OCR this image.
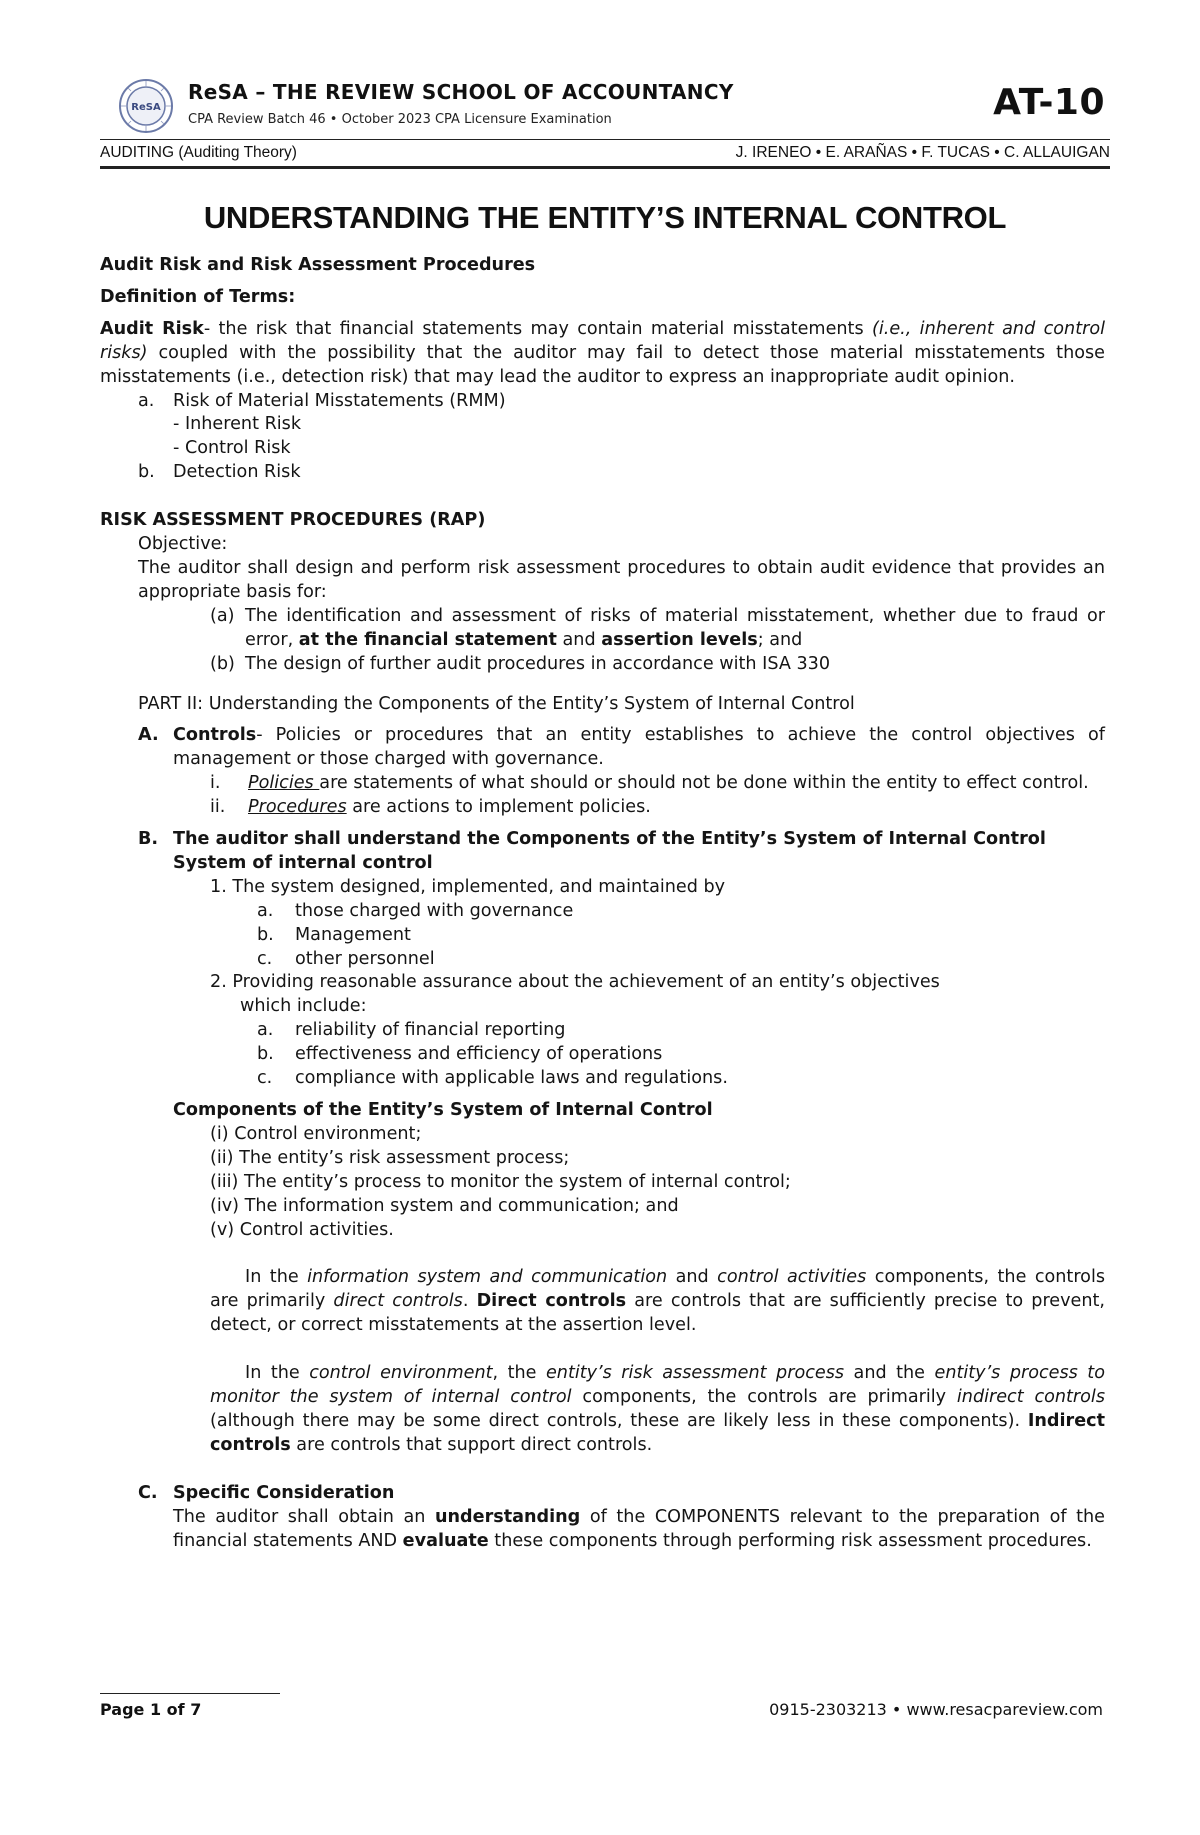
ReSA
ReSA – THE REVIEW SCHOOL OF ACCOUNTANCY
CPA Review Batch 46 • October 2023 CPA Licensure Examination	AT-10
AUDITING (Auditing Theory)	J. IRENEO • E. ARAÑAS • F. TUCAS • C. ALLAUIGAN
UNDERSTANDING THE ENTITY’S INTERNAL CONTROL

Audit Risk and Risk Assessment Procedures

Definition of Terms:

Audit Risk- the risk that financial statements may contain material misstatements (i.e., inherent and control risks) coupled with the possibility that the auditor may fail to detect those material misstatements those misstatements (i.e., detection risk) that may lead the auditor to express an inappropriate audit opinion.

a.	Risk of Material Misstatements (RMM)
- Inherent Risk
- Control Risk
b.	Detection Risk

RISK ASSESSMENT PROCEDURES (RAP)

Objective:

The auditor shall design and perform risk assessment procedures to obtain audit evidence that provides an appropriate basis for:

(a) The identification and assessment of risks of material misstatement, whether due to fraud or error, at the financial statement and assertion levels; and
(b) The design of further audit procedures in accordance with ISA 330

PART II: Understanding the Components of the Entity’s System of Internal Control

A. Controls- Policies or procedures that an entity establishes to achieve the control objectives of management or those charged with governance.
i.	Policies are statements of what should or should not be done within the entity to effect control.
ii.	Procedures are actions to implement policies.
B. The auditor shall understand the Components of the Entity’s System of Internal Control

System of internal control

1. The system designed, implemented, and maintained by

a.	those charged with governance
b.	Management
c.	other personnel

2. Providing reasonable assurance about the achievement of an entity’s objectives

which include:

a.	reliability of financial reporting
b.	effectiveness and efficiency of operations
c.	compliance with applicable laws and regulations.

Components of the Entity’s System of Internal Control

(i) Control environment;

(ii) The entity’s risk assessment process;

(iii) The entity’s process to monitor the system of internal control;

(iv) The information system and communication; and

(v) Control activities.

In the information system and communication and control activities components, the controls are primarily direct controls. Direct controls are controls that are sufficiently precise to prevent, detect, or correct misstatements at the assertion level.

In the control environment, the entity’s risk assessment process and the entity’s process to monitor the system of internal control components, the controls are primarily indirect controls (although there may be some direct controls, these are likely less in these components). Indirect controls are controls that support direct controls.

C. Specific Consideration

The auditor shall obtain an understanding of the COMPONENTS relevant to the preparation of the financial statements AND evaluate these components through performing risk assessment procedures.

Page 1 of 7	0915-2303213 • www.resacpareview.com
